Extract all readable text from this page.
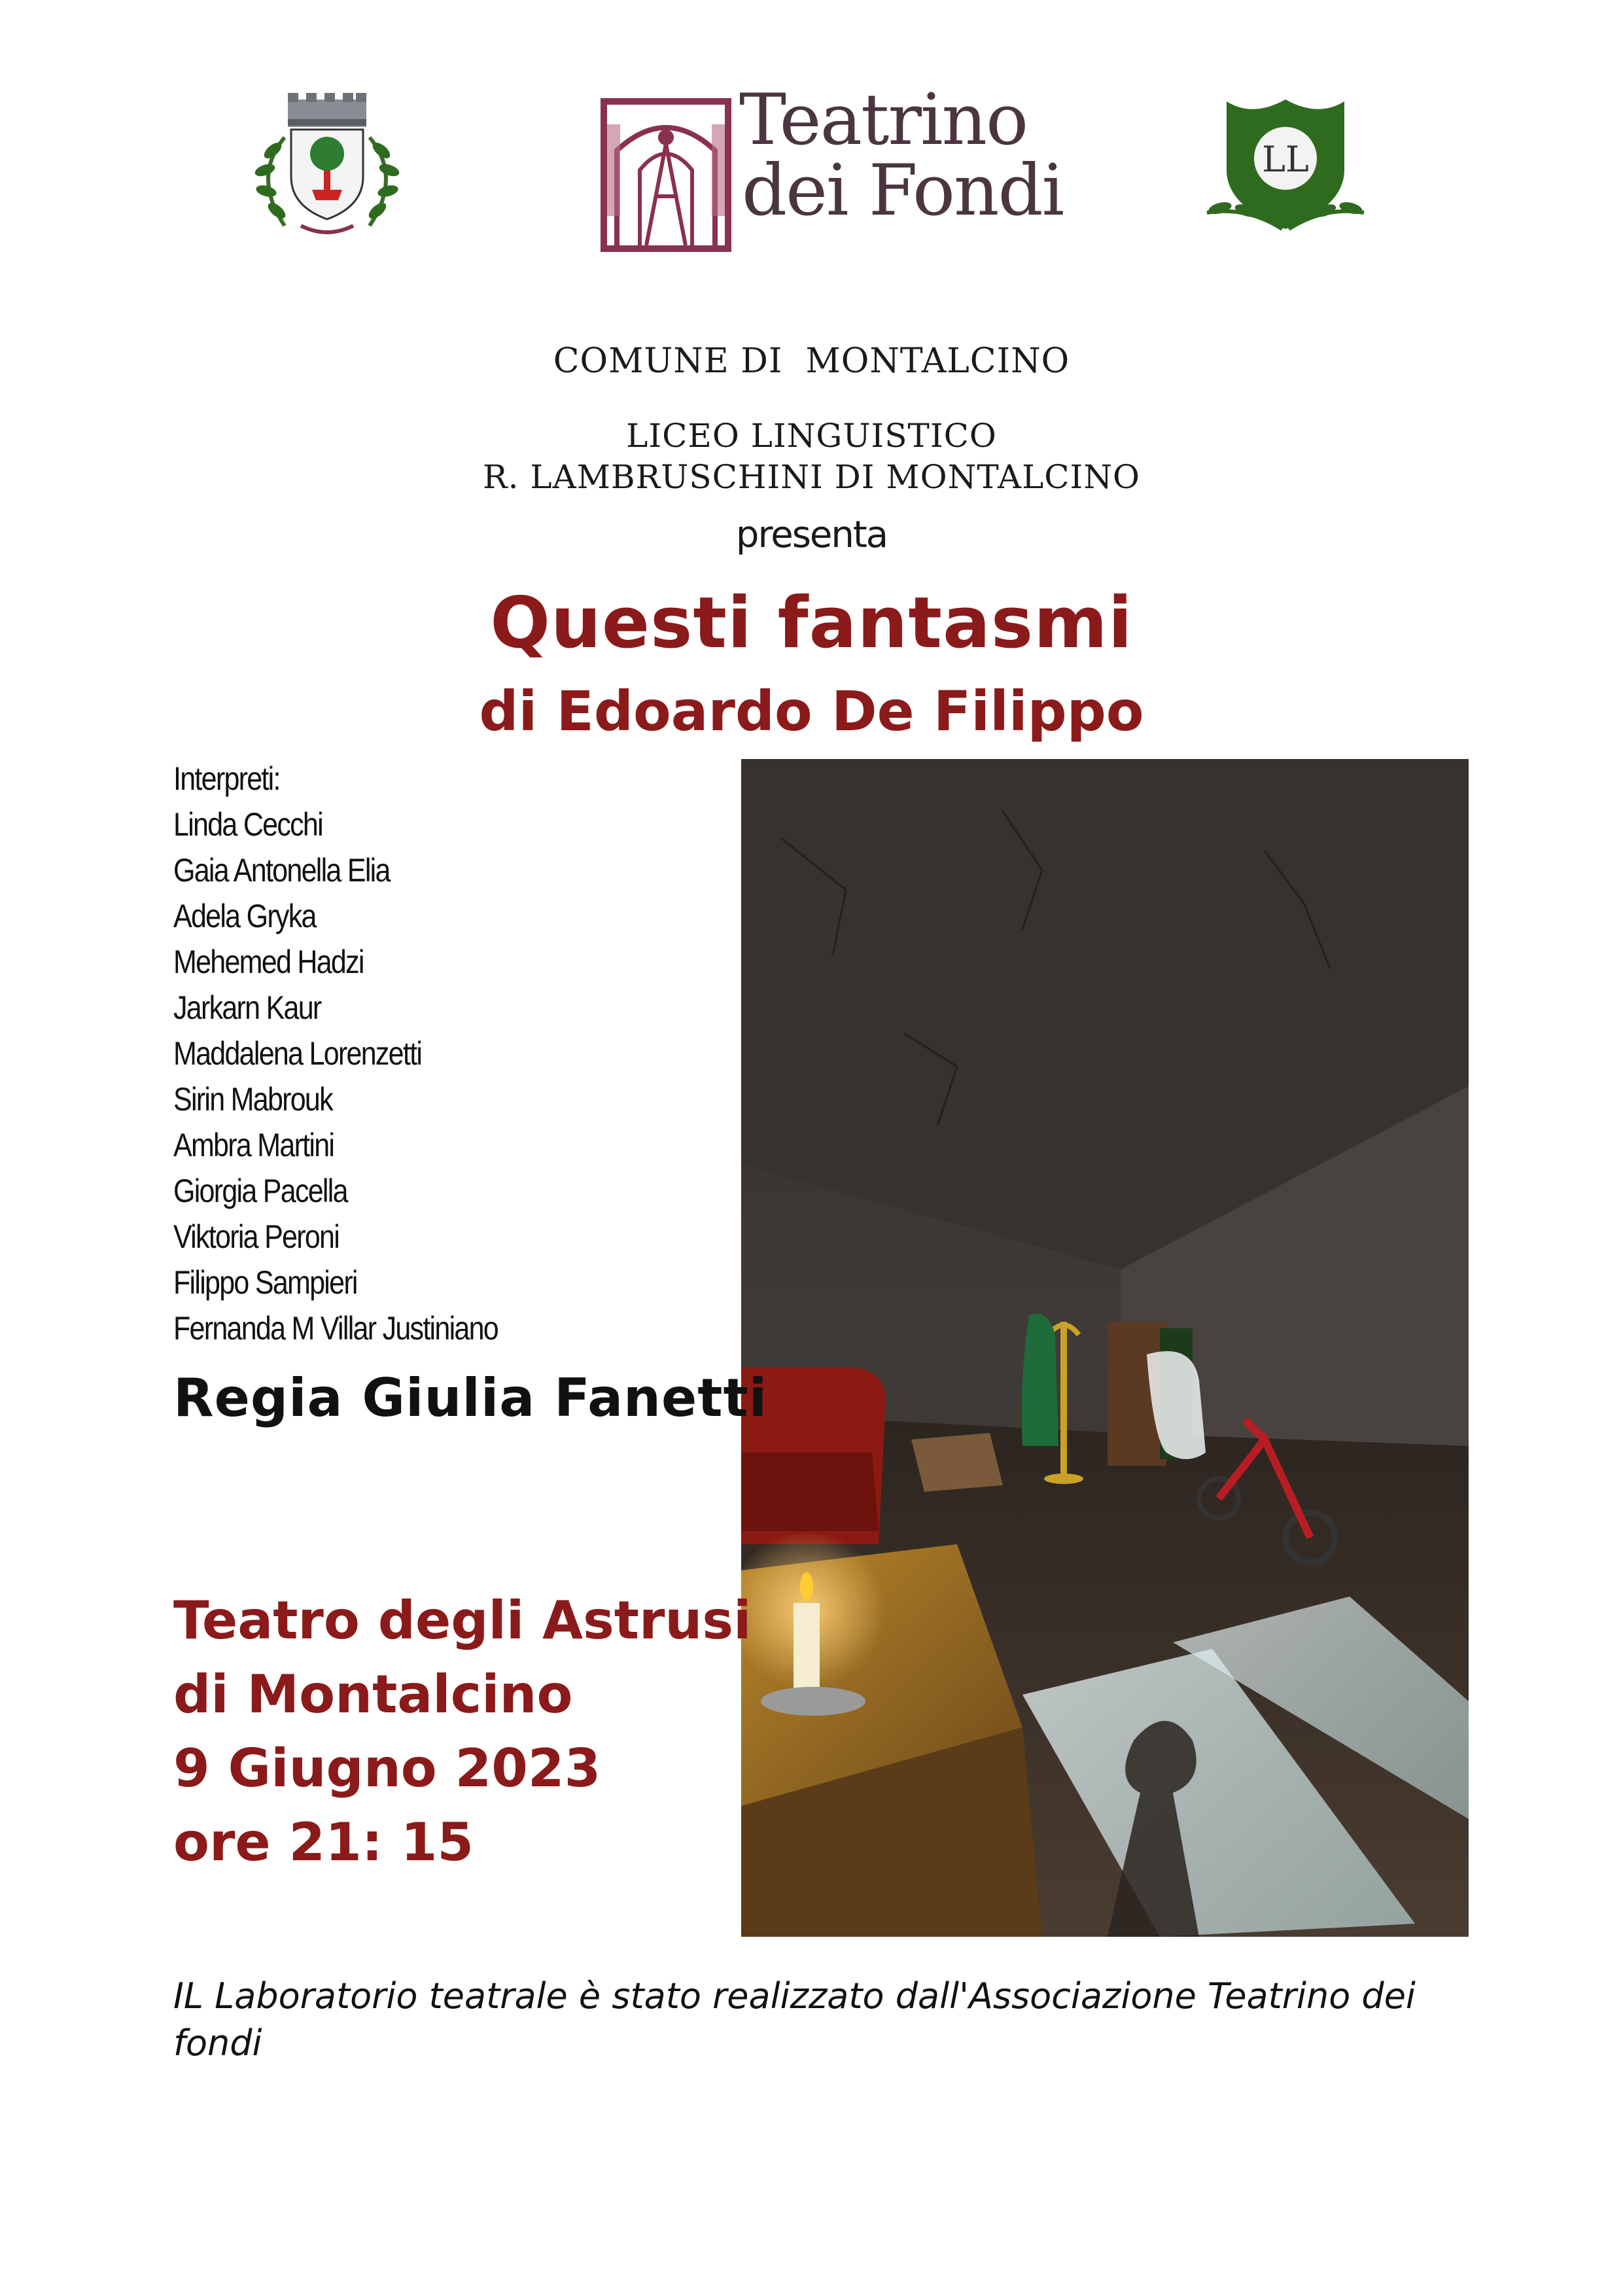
Teatrino
dei Fondi	LL
COMUNE DI  MONTALCINO
LICEO LINGUISTICO
R. LAMBRUSCHINI DI MONTALCINO
presenta
Questi fantasmi
di Edoardo De Filippo
Interpreti:
Linda Cecchi
Gaia Antonella Elia
Adela Gryka
Mehemed Hadzi
Jarkarn Kaur
Maddalena Lorenzetti
Sirin Mabrouk
Ambra Martini
Giorgia Pacella
Viktoria Peroni
Filippo Sampieri
Fernanda M Villar Justiniano
Regia Giulia Fanetti
Teatro degli Astrusi
di Montalcino
9 Giugno 2023
ore 21: 15
IL Laboratorio teatrale è stato realizzato dall'Associazione Teatrino dei
fondi
